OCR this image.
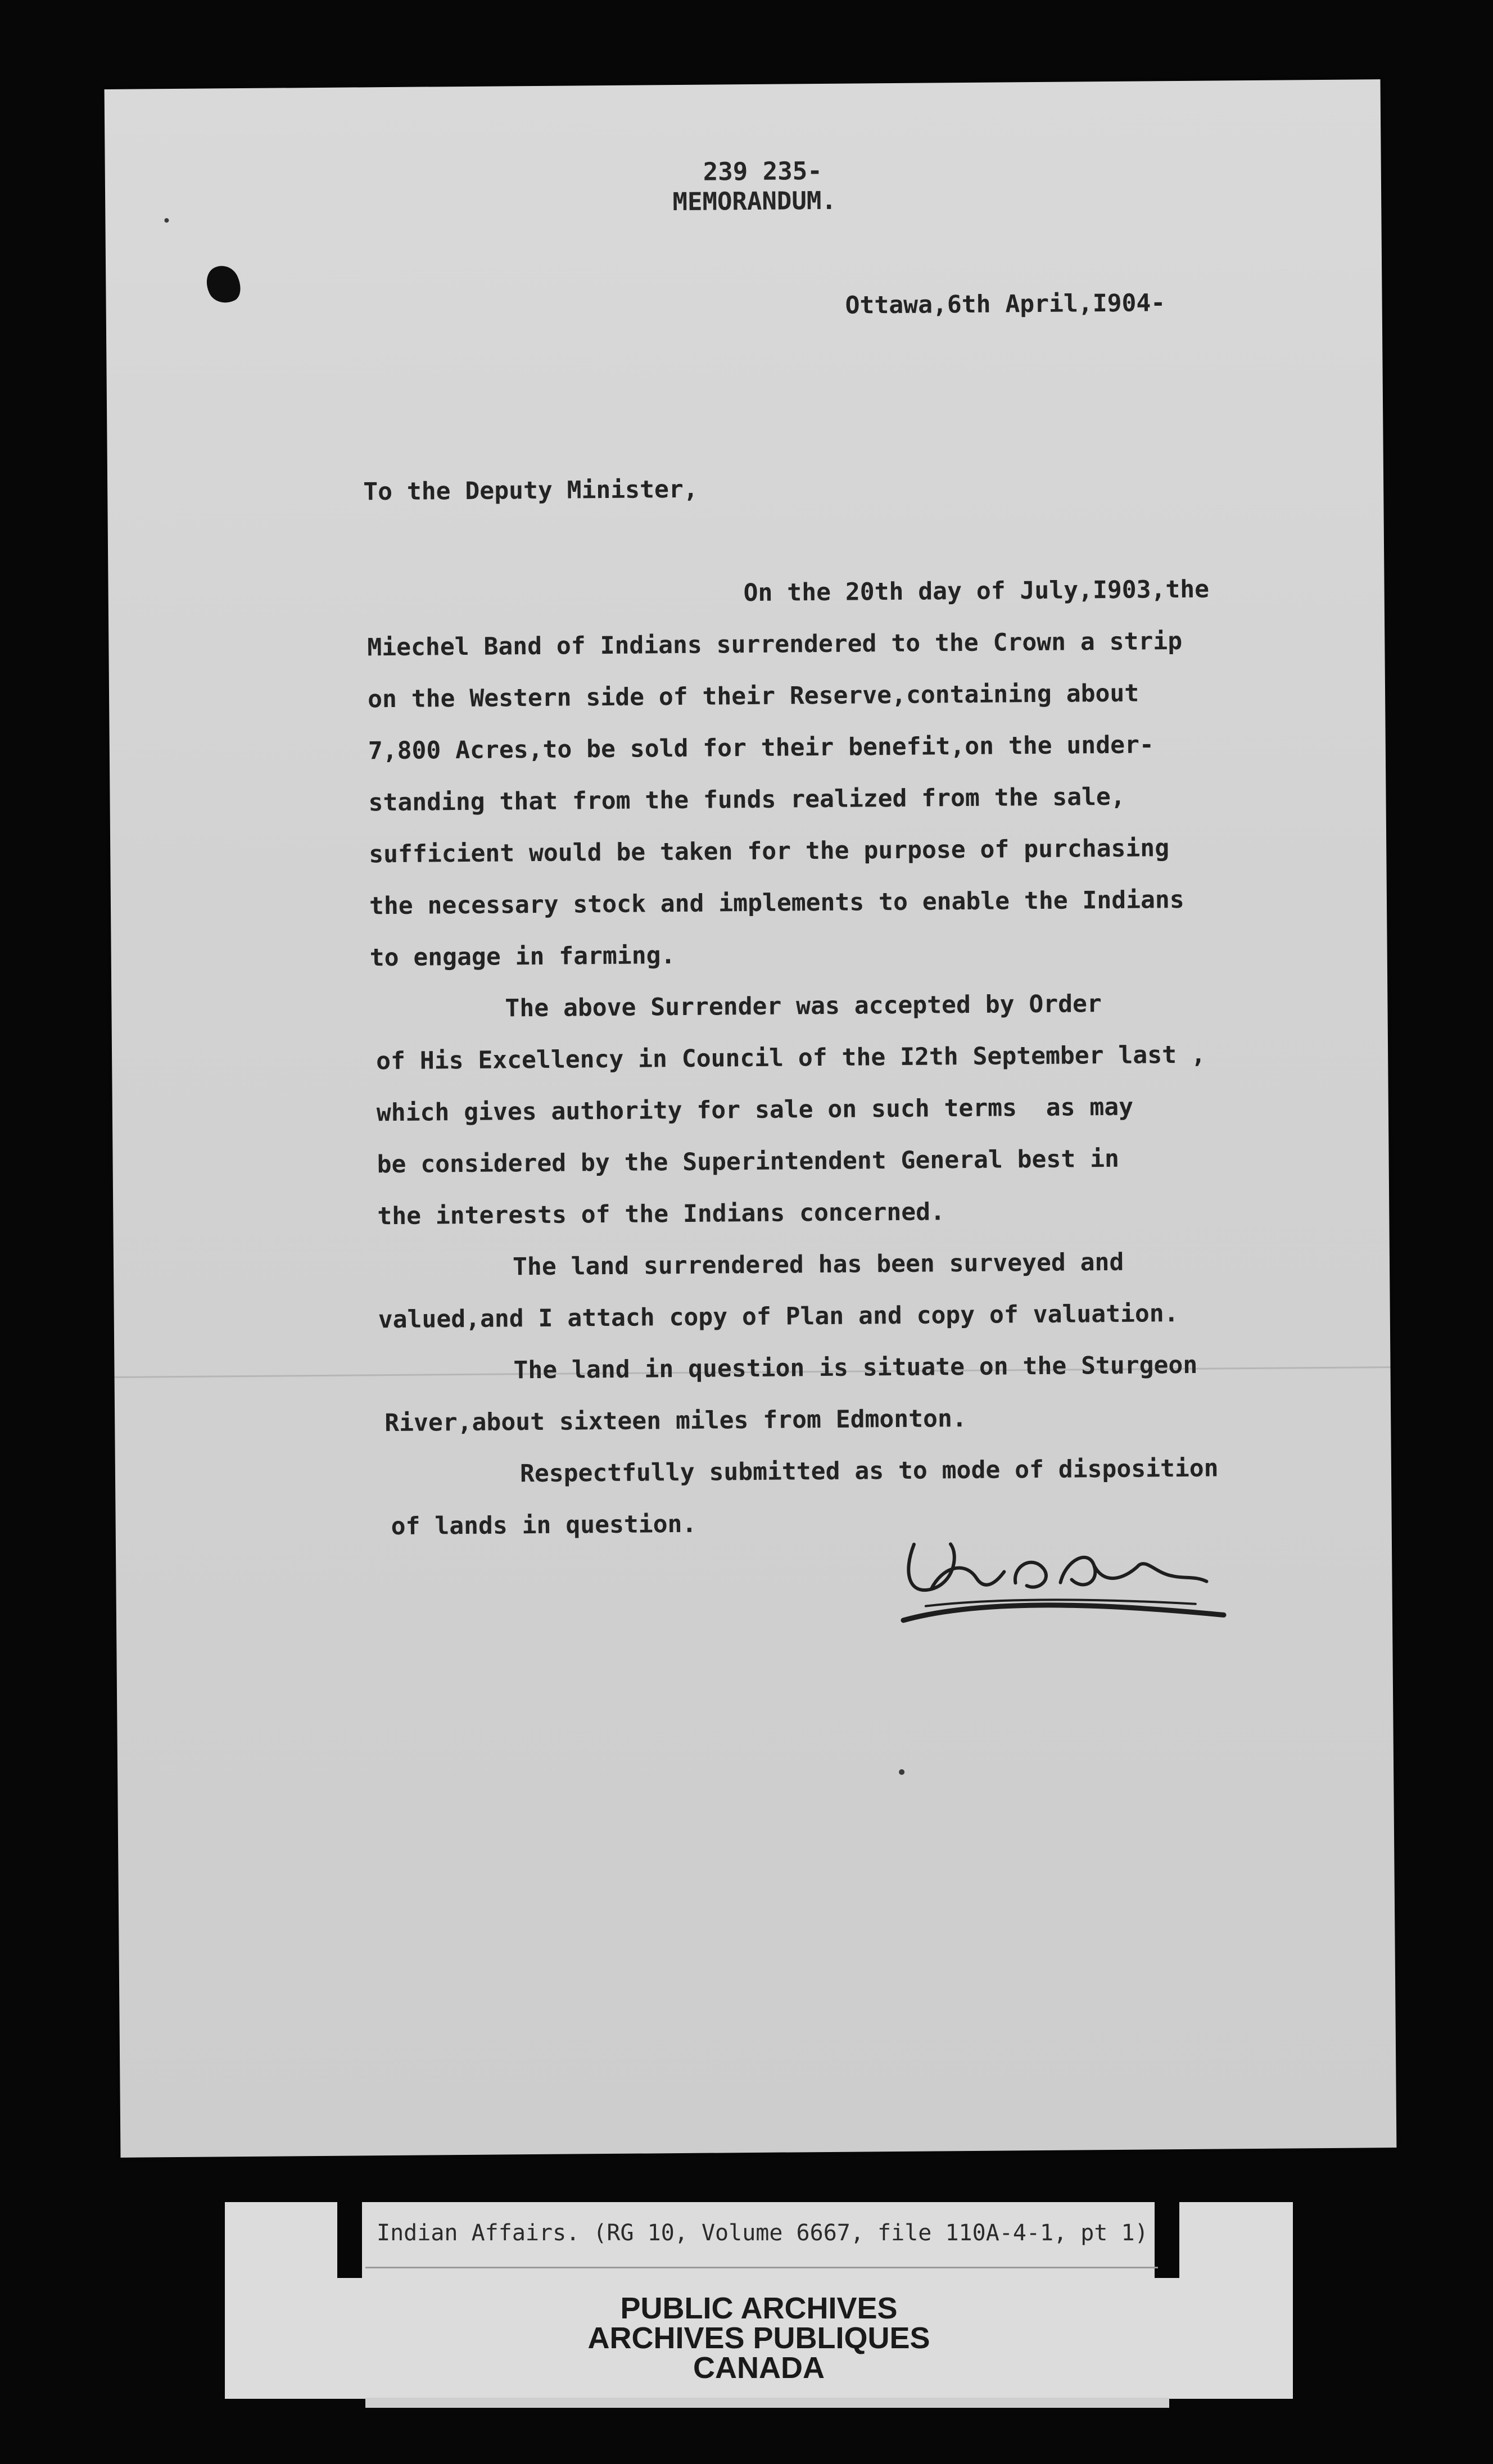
239 235-
MEMORANDUM.
Ottawa,6th April,I904-
To the Deputy Minister,
On the 20th day of July,I903,the
Miechel Band of Indians surrendered to the Crown a strip
on the Western side of their Reserve,containing about
7,800 Acres,to be sold for their benefit,on the under-
standing that from the funds realized from the sale,
sufficient would be taken for the purpose of purchasing
the necessary stock and implements to enable the Indians
to engage in farming.
The above Surrender was accepted by Order
of His Excellency in Council of the I2th September last ,
which gives authority for sale on such terms  as may
be considered by the Superintendent General best in
the interests of the Indians concerned.
The land surrendered has been surveyed and
valued,and I attach copy of Plan and copy of valuation.
The land in question is situate on the Sturgeon
River,about sixteen miles from Edmonton.
Respectfully submitted as to mode of disposition
of lands in question.
Indian Affairs. (RG 10, Volume 6667, file 110A-4-1, pt 1)
PUBLIC ARCHIVES
ARCHIVES PUBLIQUES
CANADA
